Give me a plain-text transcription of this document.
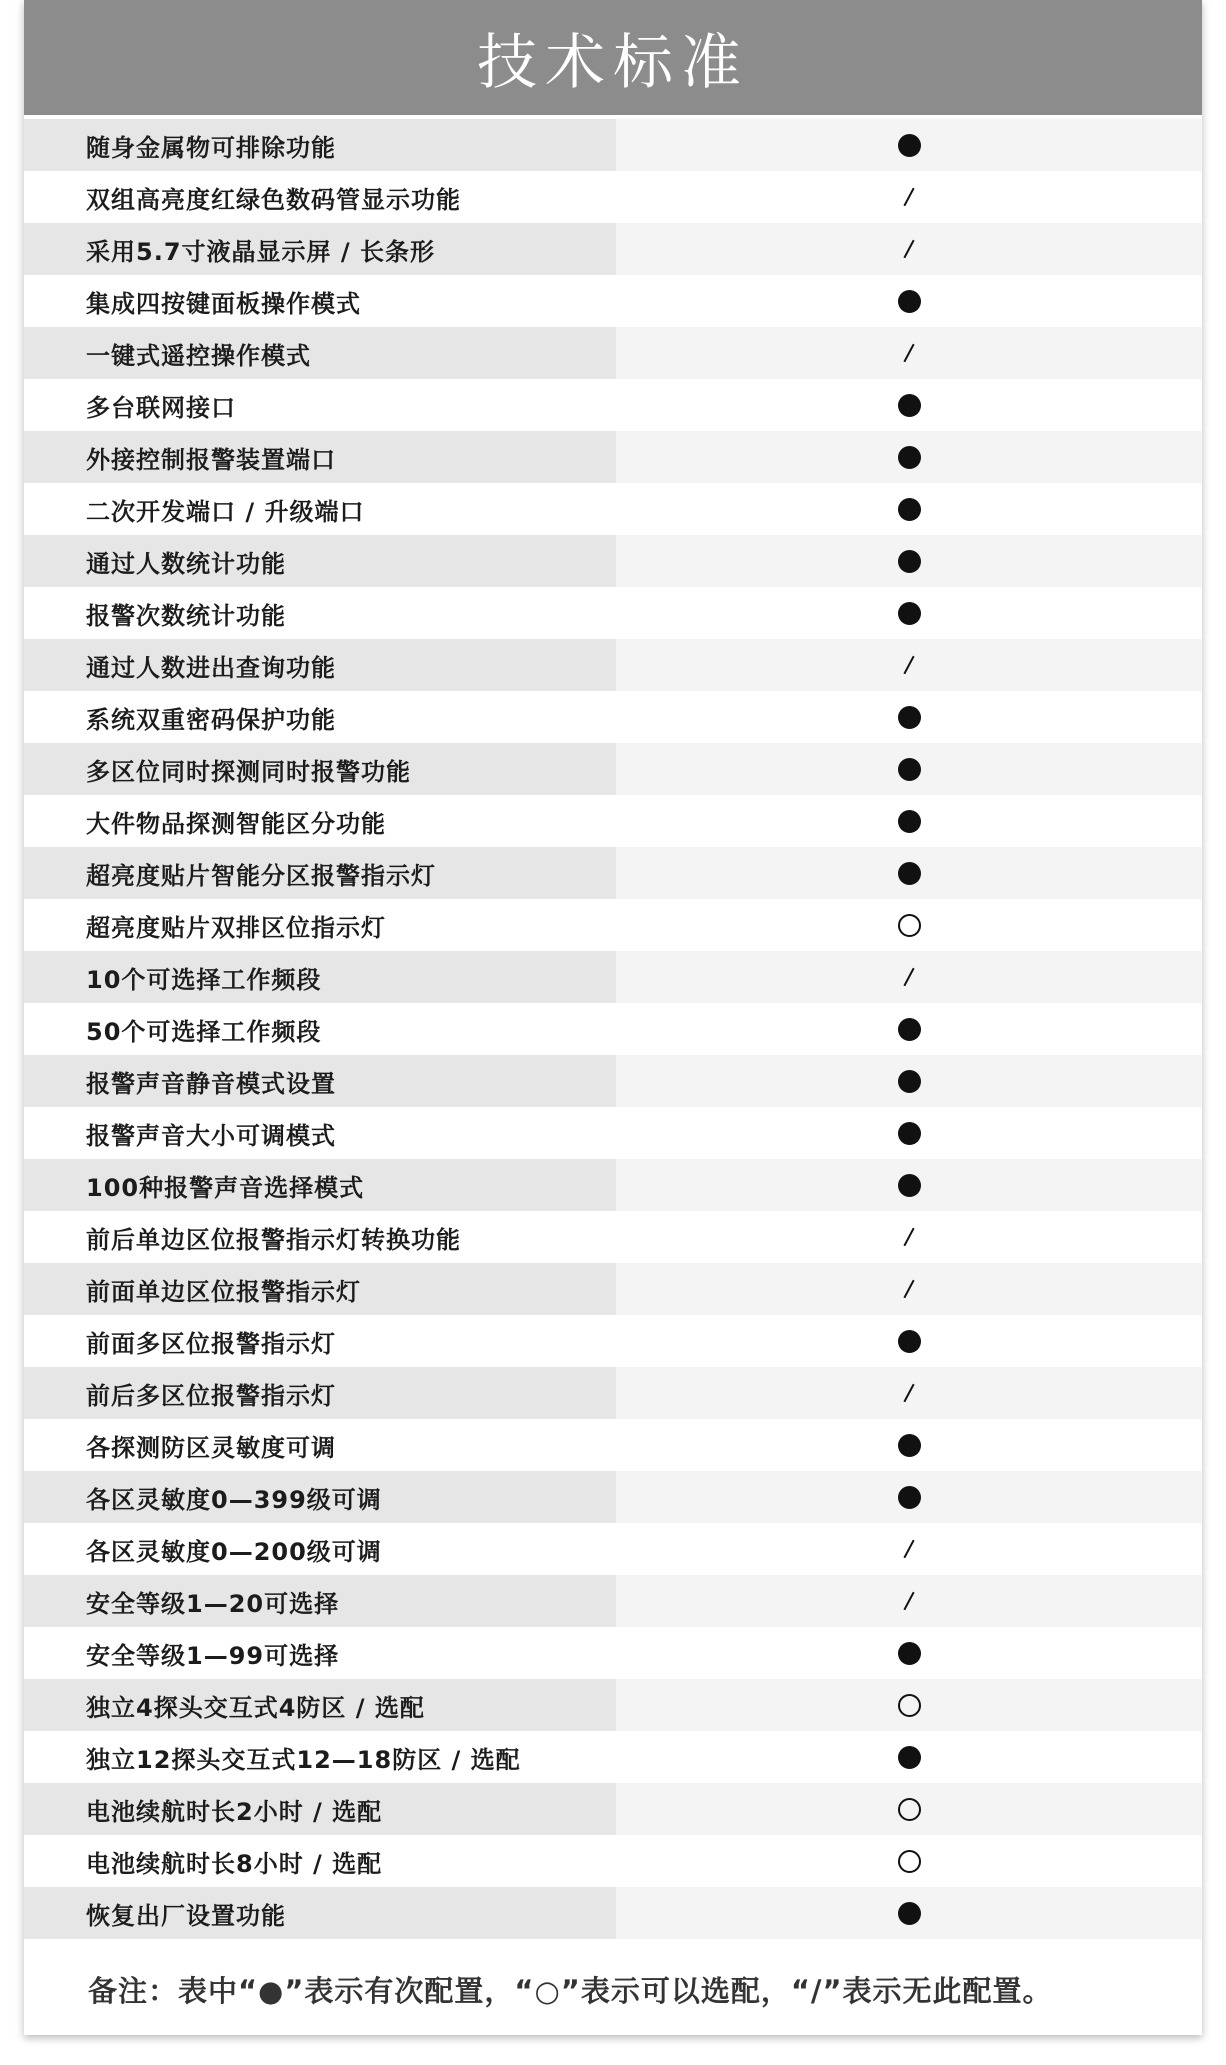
技术标准
随身金属物可排除功能
双组高亮度红绿色数码管显示功能
采用5.7寸液晶显示屏 / 长条形
集成四按键面板操作模式
一键式遥控操作模式
多台联网接口
外接控制报警装置端口
二次开发端口 / 升级端口
通过人数统计功能
报警次数统计功能
通过人数进出查询功能
系统双重密码保护功能
多区位同时探测同时报警功能
大件物品探测智能区分功能
超亮度贴片智能分区报警指示灯
超亮度贴片双排区位指示灯
10个可选择工作频段
50个可选择工作频段
报警声音静音模式设置
报警声音大小可调模式
100种报警声音选择模式
前后单边区位报警指示灯转换功能
前面单边区位报警指示灯
前面多区位报警指示灯
前后多区位报警指示灯
各探测防区灵敏度可调
各区灵敏度0—399级可调
各区灵敏度0—200级可调
安全等级1—20可选择
安全等级1—99可选择
独立4探头交互式4防区 / 选配
独立12探头交互式12—18防区 / 选配
电池续航时长2小时 / 选配
电池续航时长8小时 / 选配
恢复出厂设置功能
备注：表中“●”表示有次配置，“○”表示可以选配，“/”表示无此配置。
